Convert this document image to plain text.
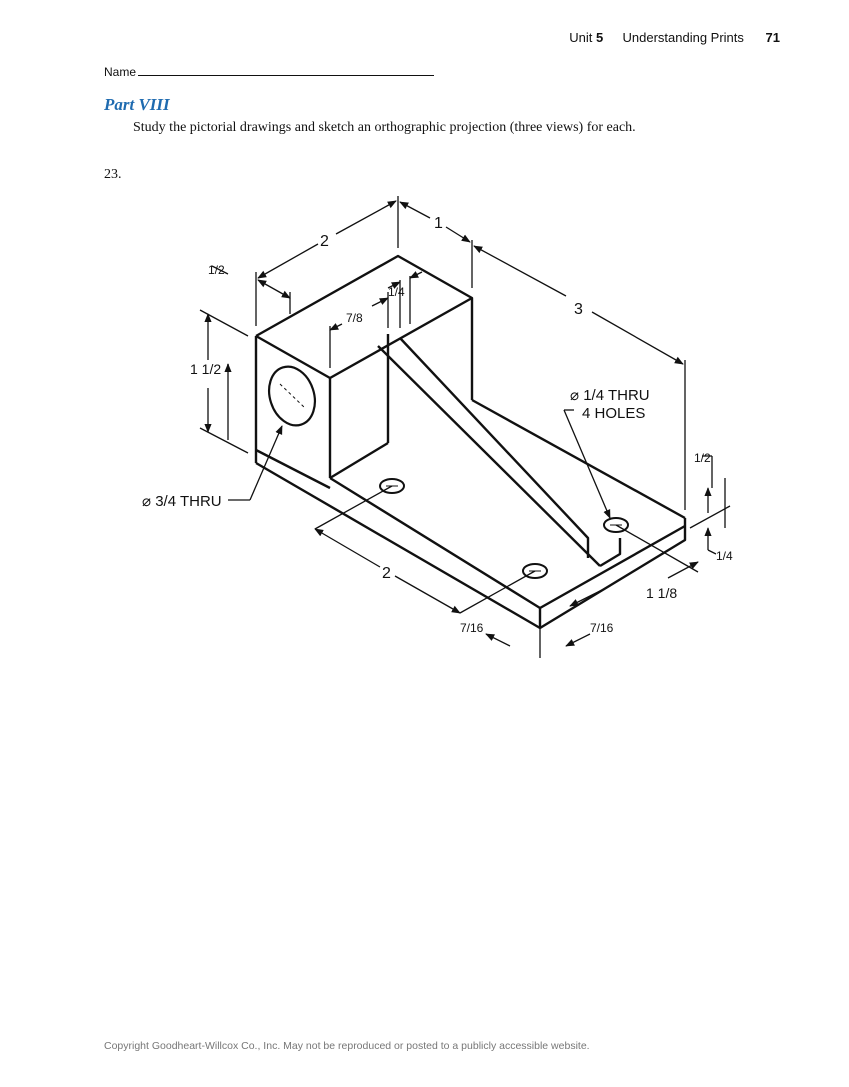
Unit 5 Understanding Prints 71
Name
Part VIII
Study the pictorial drawings and sketch an orthographic projection (three views) for each.
23.
2
1
3
1/2
1/4
7/8
1 1/2
1/2
1/4
2
1 1/8
7/16	7/16
⌀ 3/4 THRU
⌀ 1/4 THRU
4 HOLES
Copyright Goodheart-Willcox Co., Inc. May not be reproduced or posted to a publicly accessible website.
